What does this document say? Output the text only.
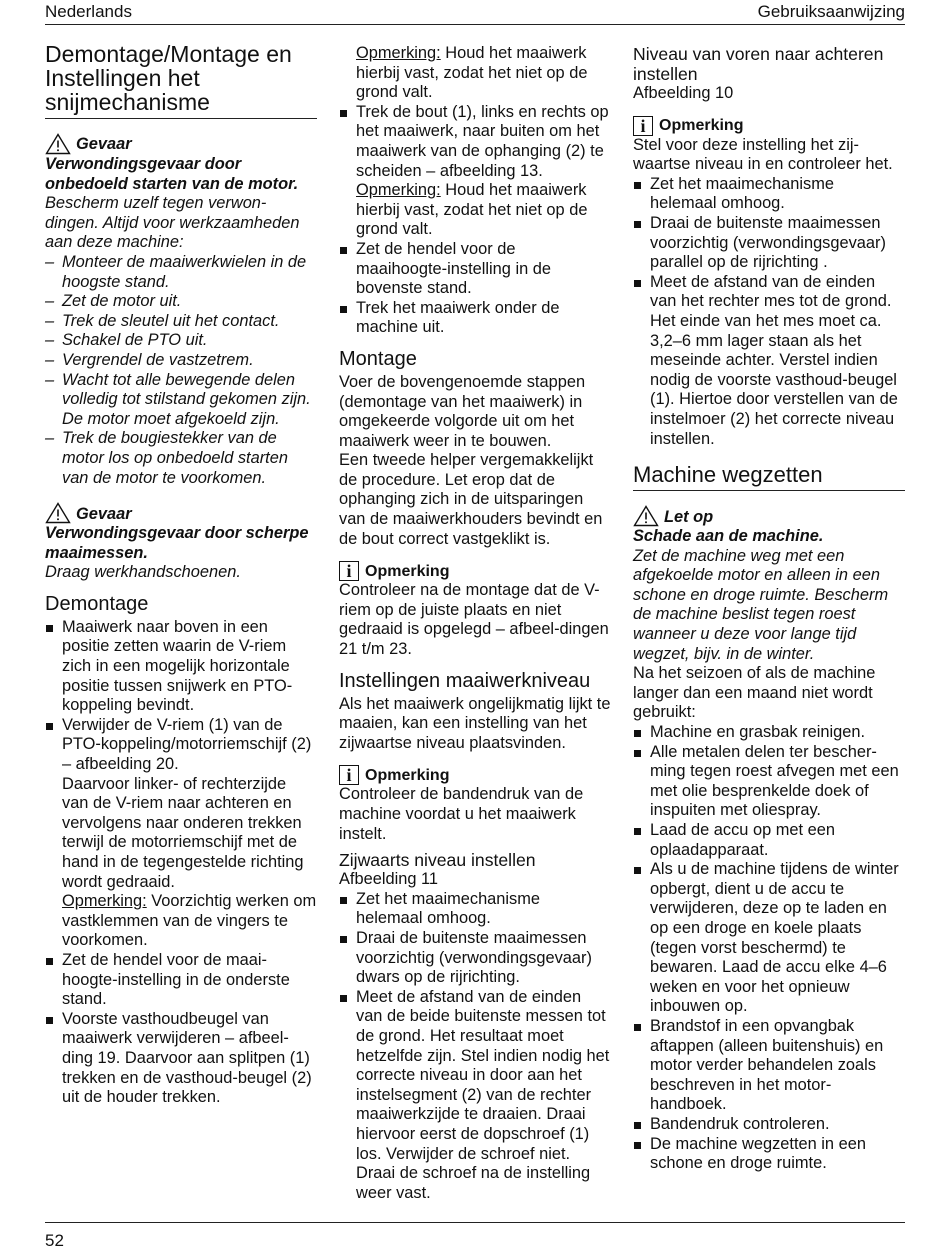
Nederlands	Gebruiksaanwijzing
Demontage/Montage en Instellingen het snijmechanisme
Gevaar

Verwondingsgevaar door onbedoeld starten van de motor.

Bescherm uzelf tegen verwon-dingen. Altijd voor werkzaamheden aan deze machine:

– Monteer de maaiwerkwielen in de hoogste stand.
– Zet de motor uit.
– Trek de sleutel uit het contact.
– Schakel de PTO uit.
– Vergrendel de vastzetrem.
– Wacht tot alle bewegende delen volledig tot stilstand gekomen zijn. De motor moet afgekoeld zijn.
– Trek de bougiestekker van de motor los op onbedoeld starten van de motor te voorkomen.
Gevaar

Verwondingsgevaar door scherpe maaimessen.

Draag werkhandschoenen.

Demontage
Maaiwerk naar boven in een positie zetten waarin de V-riem zich in een mogelijk horizontale positie tussen snijwerk en PTO-koppeling bevindt.
Verwijder de V-riem (1) van de PTO-koppeling/motorriemschijf (2) – afbeelding 20.
Daarvoor linker- of rechterzijde van de V-riem naar achteren en vervolgens naar onderen trekken terwijl de motorriemschijf met de hand in de tegengestelde richting wordt gedraaid.
Opmerking: Voorzichtig werken om vastklemmen van de vingers te voorkomen.
Zet de hendel voor de maai-hoogte-instelling in de onderste stand.
Voorste vasthoudbeugel van maaiwerk verwijderen – afbeel-ding 19. Daarvoor aan splitpen (1) trekken en de vasthoud-beugel (2) uit de houder trekken.

Opmerking: Houd het maaiwerk hierbij vast, zodat het niet op de grond valt.

Trek de bout (1), links en rechts op het maaiwerk, naar buiten om het maaiwerk van de ophanging (2) te scheiden – afbeelding 13.
Opmerking: Houd het maaiwerk hierbij vast, zodat het niet op de grond valt.
Zet de hendel voor de maaihoogte-instelling in de bovenste stand.
Trek het maaiwerk onder de machine uit.
Montage

Voer de bovengenoemde stappen (demontage van het maaiwerk) in omgekeerde volgorde uit om het maaiwerk weer in te bouwen.

Een tweede helper vergemakkelijkt de procedure. Let erop dat de ophanging zich in de uitsparingen van de maaiwerkhouders bevindt en de bout correct vastgeklikt is.

i Opmerking

Controleer na de montage dat de V-riem op de juiste plaats en niet gedraaid is opgelegd – afbeel-dingen 21 t/m 23.

Instellingen maaiwerkniveau

Als het maaiwerk ongelijkmatig lijkt te maaien, kan een instelling van het zijwaartse niveau plaatsvinden.

i Opmerking

Controleer de bandendruk van de machine voordat u het maaiwerk instelt.

Zijwaarts niveau instellen

Afbeelding 11

Zet het maaimechanisme helemaal omhoog.
Draai de buitenste maaimessen voorzichtig (verwondingsgevaar) dwars op de rijrichting.
Meet de afstand van de einden van de beide buitenste messen tot de grond. Het resultaat moet hetzelfde zijn. Stel indien nodig het correcte niveau in door aan het instelsegment (2) van de rechter maaiwerkzijde te draaien. Draai hiervoor eerst de dopschroef (1) los. Verwijder de schroef niet. Draai de schroef na de instelling weer vast.
Niveau van voren naar achteren instellen

Afbeelding 10

i Opmerking

Stel voor deze instelling het zij-waartse niveau in en controleer het.

Zet het maaimechanisme helemaal omhoog.
Draai de buitenste maaimessen voorzichtig (verwondingsgevaar) parallel op de rijrichting .
Meet de afstand van de einden van het rechter mes tot de grond. Het einde van het mes moet ca. 3,2–6 mm lager staan als het meseinde achter. Verstel indien nodig de voorste vasthoud-beugel (1). Hiertoe door verstellen van de instelmoer (2) het correcte niveau instellen.
Machine wegzetten
Let op

Schade aan de machine.

Zet de machine weg met een afgekoelde motor en alleen in een schone en droge ruimte. Bescherm de machine beslist tegen roest wanneer u deze voor lange tijd wegzet, bijv. in de winter.

Na het seizoen of als de machine langer dan een maand niet wordt gebruikt:

Machine en grasbak reinigen.
Alle metalen delen ter bescher-ming tegen roest afvegen met een met olie besprenkelde doek of inspuiten met oliespray.
Laad de accu op met een oplaadapparaat.
Als u de machine tijdens de winter opbergt, dient u de accu te verwijderen, deze op te laden en op een droge en koele plaats (tegen vorst beschermd) te bewaren. Laad de accu elke 4–6 weken en voor het opnieuw inbouwen op.
Brandstof in een opvangbak aftappen (alleen buitenshuis) en motor verder behandelen zoals beschreven in het motor-handboek.
Bandendruk controleren.
De machine wegzetten in een schone en droge ruimte.
52
